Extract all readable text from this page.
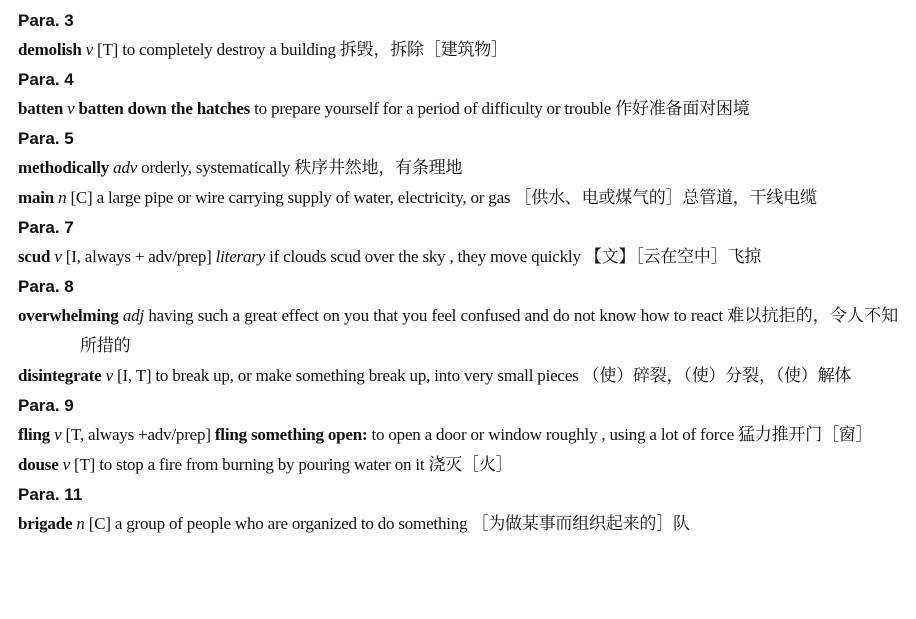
Para. 3
demolish v [T] to completely destroy a building 拆毁，拆除［建筑物］
Para. 4
batten v batten down the hatches to prepare yourself for a period of difficulty or trouble 作好准备面对困境
Para. 5
methodically adv orderly, systematically 秩序井然地，有条理地
main n [C] a large pipe or wire carrying supply of water, electricity, or gas ［供水、电或煤气的］总管道，干线电缆
Para. 7
scud v [I, always + adv/prep] literary if clouds scud over the sky , they move quickly 【文】［云在空中］飞掠
Para. 8
overwhelming adj having such a great effect on you that you feel confused and do not know how to react 难以抗拒的，令人不知所措的
disintegrate v [I, T] to break up, or make something break up, into very small pieces （使）碎裂，（使）分裂，（使）解体
Para. 9
fling v [T, always +adv/prep] fling something open: to open a door or window roughly , using a lot of force 猛力推开门［窗］
douse v [T] to stop a fire from burning by pouring water on it 浇灭［火］
Para. 11
brigade n [C] a group of people who are organized to do something ［为做某事而组织起来的］队
